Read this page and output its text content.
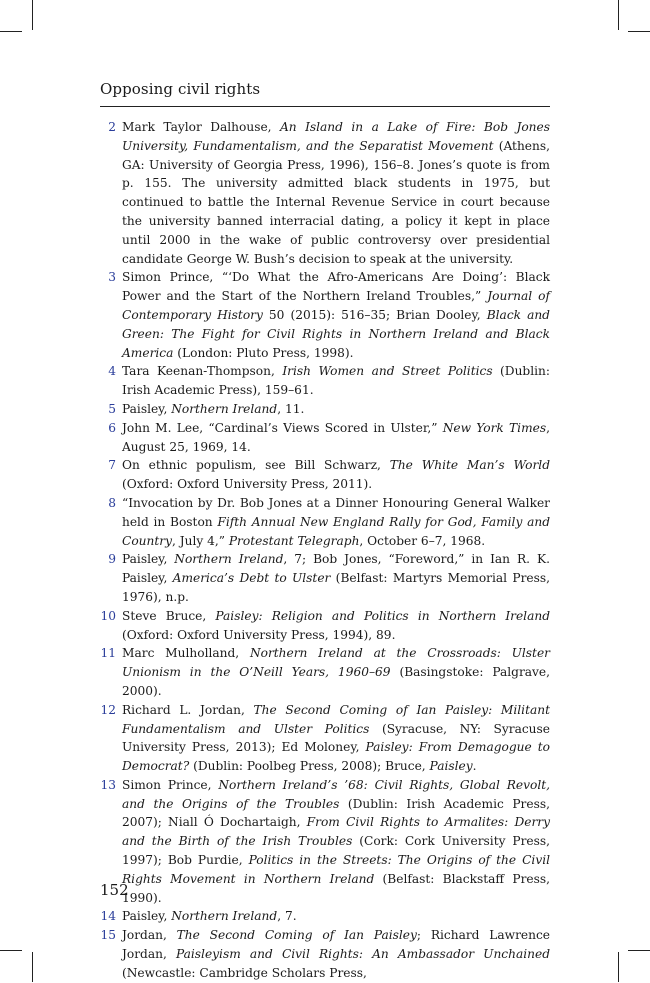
Opposing civil rights
2 Mark Taylor Dalhouse, An Island in a Lake of Fire: Bob Jones University, Fundamentalism, and the Separatist Movement (Athens, GA: University of Georgia Press, 1996), 156–8. Jones’s quote is from p. 155. The university admitted black students in 1975, but continued to battle the Internal Revenue Service in court because the university banned interracial dating, a policy it kept in place until 2000 in the wake of public controversy over presidential candidate George W. Bush’s decision to speak at the university.
3 Simon Prince, “‘Do What the Afro-Americans Are Doing’: Black Power and the Start of the Northern Ireland Troubles,” Journal of Contemporary History 50 (2015): 516–35; Brian Dooley, Black and Green: The Fight for Civil Rights in Northern Ireland and Black America (London: Pluto Press, 1998).
4 Tara Keenan-Thompson, Irish Women and Street Politics (Dublin: Irish Academic Press), 159–61.
5 Paisley, Northern Ireland, 11.
6 John M. Lee, “Cardinal’s Views Scored in Ulster,” New York Times, August 25, 1969, 14.
7 On ethnic populism, see Bill Schwarz, The White Man’s World (Oxford: Oxford University Press, 2011).
8 “Invocation by Dr. Bob Jones at a Dinner Honouring General Walker held in Boston Fifth Annual New England Rally for God, Family and Country, July 4,” Protestant Telegraph, October 6–7, 1968.
9 Paisley, Northern Ireland, 7; Bob Jones, “Foreword,” in Ian R. K. Paisley, America’s Debt to Ulster (Belfast: Martyrs Memorial Press, 1976), n.p.
10 Steve Bruce, Paisley: Religion and Politics in Northern Ireland (Oxford: Oxford University Press, 1994), 89.
11 Marc Mulholland, Northern Ireland at the Crossroads: Ulster Unionism in the O’Neill Years, 1960–69 (Basingstoke: Palgrave, 2000).
12 Richard L. Jordan, The Second Coming of Ian Paisley: Militant Fundamentalism and Ulster Politics (Syracuse, NY: Syracuse University Press, 2013); Ed Moloney, Paisley: From Demagogue to Democrat? (Dublin: Poolbeg Press, 2008); Bruce, Paisley.
13 Simon Prince, Northern Ireland’s ’68: Civil Rights, Global Revolt, and the Origins of the Troubles (Dublin: Irish Academic Press, 2007); Niall Ó Dochartaigh, From Civil Rights to Armalites: Derry and the Birth of the Irish Troubles (Cork: Cork University Press, 1997); Bob Purdie, Politics in the Streets: The Origins of the Civil Rights Movement in Northern Ireland (Belfast: Blackstaff Press, 1990).
14 Paisley, Northern Ireland, 7.
15 Jordan, The Second Coming of Ian Paisley; Richard Lawrence Jordan, Paisleyism and Civil Rights: An Ambassador Unchained (Newcastle: Cambridge Scholars Press,
152
